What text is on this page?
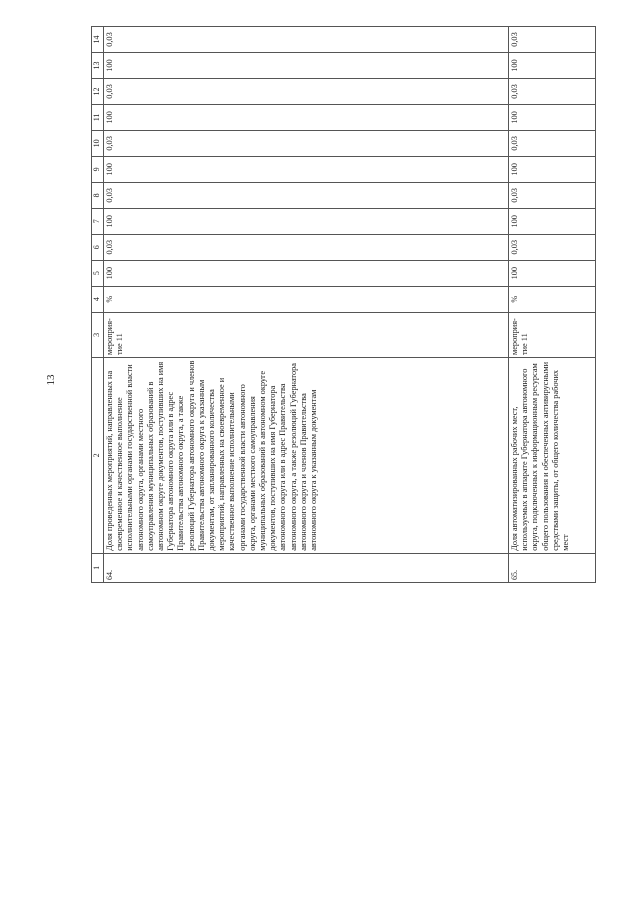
13
1	2	3	4	5	6	7	8	9	10	11	12	13	14
64.	Доля проведенных мероприятий, направленных на своевременное и качественное выполнение исполнительными органами государственной власти автономного округа, органами местного самоуправления муниципальных образований в автономном округе документов, поступивших на имя Губернатора автономного округа или в адрес Правительства автономного округа, а также резолюций Губернатора автономного округа и членов Правительства автономного округа к указанным документам, от запланированного количества мероприятий, направленных на своевременное и качественное выполнение исполнительными органами государственной власти автономного округа, органами местного самоуправления муниципальных образований в автономном округе документов, поступивших на имя Губернатора автономного округа или в адрес Правительства автономного округа, а также резолюций Губернатора автономного округа и членов Правительства автономного округа к указанным документам	мероприя-тие 11	%	100	0,03	100	0,03	100	0,03	100	0,03	100	0,03
65.	Доля автоматизированных рабочих мест, используемых в аппарате Губернатора автономного округа, подключенных к информационным ресурсам общего пользования и обеспеченных антивирусными средствами защиты, от общего количества рабочих мест	мероприя-тие 11	%	100	0,03	100	0,03	100	0,03	100	0,03	100	0,03
